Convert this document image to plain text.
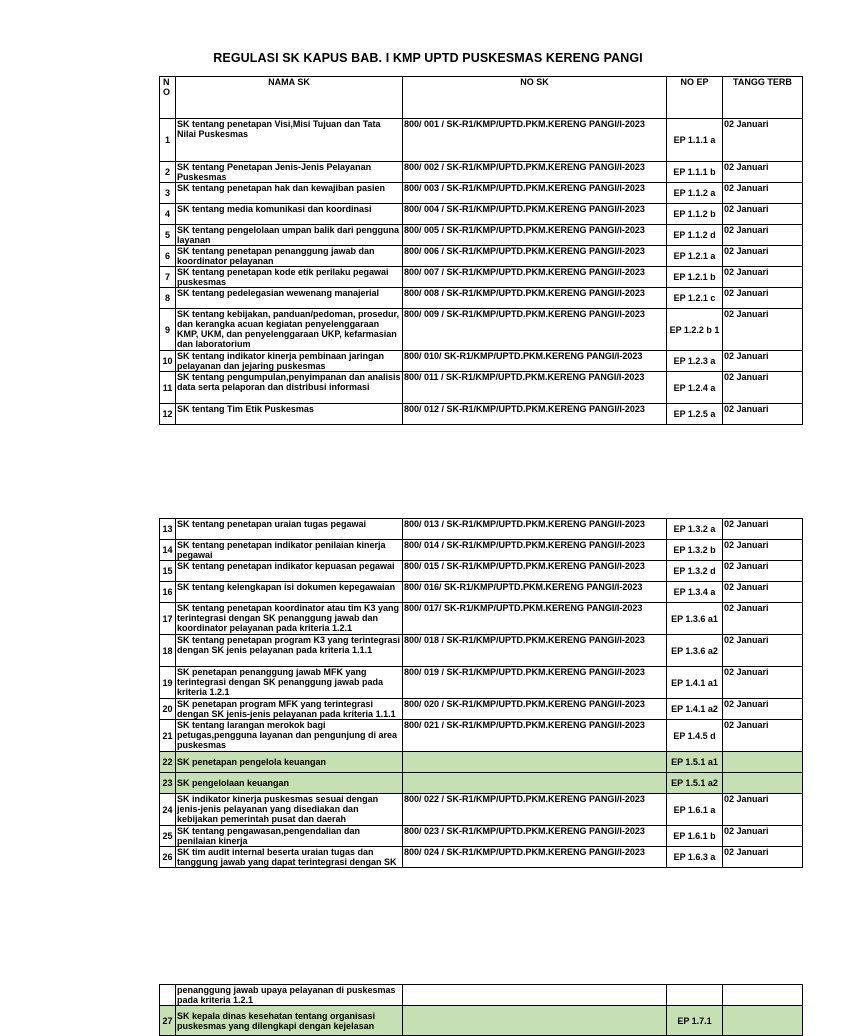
REGULASI SK KAPUS BAB. I KMP UPTD PUSKESMAS KERENG PANGI
N O	NAMA SK	NO SK	NO EP	TANGG TERB
1	SK tentang penetapan Visi,Misi Tujuan dan Tata Nilai Puskesmas	800/ 001 / SK-R1/KMP/UPTD.PKM.KERENG PANGI/I-2023	EP 1.1.1 a	02 Januari
2	SK tentang Penetapan Jenis-Jenis Pelayanan Puskesmas	800/ 002 / SK-R1/KMP/UPTD.PKM.KERENG PANGI/I-2023	EP 1.1.1 b	02 Januari
3	SK tentang penetapan hak dan kewajiban pasien	800/ 003 / SK-R1/KMP/UPTD.PKM.KERENG PANGI/I-2023	EP 1.1.2 a	02 Januari
4	SK tentang media komunikasi dan koordinasi	800/ 004 / SK-R1/KMP/UPTD.PKM.KERENG PANGI/I-2023	EP 1.1.2 b	02 Januari
5	SK tentang pengelolaan umpan balik dari pengguna layanan	800/ 005 / SK-R1/KMP/UPTD.PKM.KERENG PANGI/I-2023	EP 1.1.2 d	02 Januari
6	SK tentang penetapan penanggung jawab dan koordinator pelayanan	800/ 006 / SK-R1/KMP/UPTD.PKM.KERENG PANGI/I-2023	EP 1.2.1 a	02 Januari
7	SK tentang penetapan kode etik perilaku pegawai puskesmas	800/ 007 / SK-R1/KMP/UPTD.PKM.KERENG PANGI/I-2023	EP 1.2.1 b	02 Januari
8	SK tentang pedelegasian wewenang manajerial	800/ 008 / SK-R1/KMP/UPTD.PKM.KERENG PANGI/I-2023	EP 1.2.1 c	02 Januari
9	SK tentang kebijakan, panduan/pedoman, prosedur, dan kerangka acuan kegiatan penyelenggaraan KMP, UKM, dan penyelenggaraan UKP, kefarmasian dan laboratorium	800/ 009 / SK-R1/KMP/UPTD.PKM.KERENG PANGI/I-2023	EP 1.2.2 b 1	02 Januari
10	SK tentang indikator kinerja pembinaan jaringan pelayanan dan jejaring puskesmas	800/ 010/ SK-R1/KMP/UPTD.PKM.KERENG PANGI/I-2023	EP 1.2.3 a	02 Januari
11	SK tentang pengumpulan,penyimpanan dan analisis data serta pelaporan dan distribusi informasi	800/ 011 / SK-R1/KMP/UPTD.PKM.KERENG PANGI/I-2023	EP 1.2.4 a	02 Januari
12	SK tentang Tim Etik Puskesmas	800/ 012 / SK-R1/KMP/UPTD.PKM.KERENG PANGI/I-2023	EP 1.2.5 a	02 Januari
13	SK tentang penetapan uraian tugas pegawai	800/ 013 / SK-R1/KMP/UPTD.PKM.KERENG PANGI/I-2023	EP 1.3.2 a	02 Januari
14	SK tentang penetapan indikator penilaian kinerja pegawai	800/ 014 / SK-R1/KMP/UPTD.PKM.KERENG PANGI/I-2023	EP 1.3.2 b	02 Januari
15	SK tentang penetapan indikator kepuasan pegawai	800/ 015 / SK-R1/KMP/UPTD.PKM.KERENG PANGI/I-2023	EP 1.3.2 d	02 Januari
16	SK tentang kelengkapan isi dokumen kepegawaian	800/ 016/ SK-R1/KMP/UPTD.PKM.KERENG PANGI/I-2023	EP 1.3.4 a	02 Januari
17	SK tentang penetapan koordinator atau tim K3 yang terintegrasi dengan SK penanggung jawab dan koordinator pelayanan pada kriteria 1.2.1	800/ 017/ SK-R1/KMP/UPTD.PKM.KERENG PANGI/I-2023	EP 1.3.6 a1	02 Januari
18	SK tentang penetapan program K3 yang terintegrasi dengan SK jenis pelayanan pada kriteria 1.1.1	800/ 018 / SK-R1/KMP/UPTD.PKM.KERENG PANGI/I-2023	EP 1.3.6 a2	02 Januari
19	SK penetapan penanggung jawab MFK yang terintegrasi dengan SK penanggung jawab pada kriteria 1.2.1	800/ 019 / SK-R1/KMP/UPTD.PKM.KERENG PANGI/I-2023	EP 1.4.1 a1	02 Januari
20	SK penetapan program MFK yang terintegrasi dengan SK jenis-jenis pelayanan pada kriteria 1.1.1	800/ 020 / SK-R1/KMP/UPTD.PKM.KERENG PANGI/I-2023	EP 1.4.1 a2	02 Januari
21	SK tentang larangan merokok bagi petugas,pengguna layanan dan pengunjung di area puskesmas	800/ 021 / SK-R1/KMP/UPTD.PKM.KERENG PANGI/I-2023	EP 1.4.5 d	02 Januari
22	SK penetapan pengelola keuangan		EP 1.5.1 a1	
23	SK pengelolaan keuangan		EP 1.5.1 a2	
24	SK indikator kinerja puskesmas sesuai dengan jenis-jenis pelayanan yang disediakan dan kebijakan pemerintah pusat dan daerah	800/ 022 / SK-R1/KMP/UPTD.PKM.KERENG PANGI/I-2023	EP 1.6.1 a	02 Januari
25	SK tentang pengawasan,pengendalian dan penilaian kinerja	800/ 023 / SK-R1/KMP/UPTD.PKM.KERENG PANGI/I-2023	EP 1.6.1 b	02 Januari
26	SK tim audit internal beserta uraian tugas dan tanggung jawab yang dapat terintegrasi dengan SK	800/ 024 / SK-R1/KMP/UPTD.PKM.KERENG PANGI/I-2023	EP 1.6.3 a	02 Januari
	penanggung jawab upaya pelayanan di puskesmas pada kriteria 1.2.1			
27	SK kepala dinas kesehatan tentang organisasi puskesmas yang dilengkapi dengan kejelasan		EP 1.7.1	
